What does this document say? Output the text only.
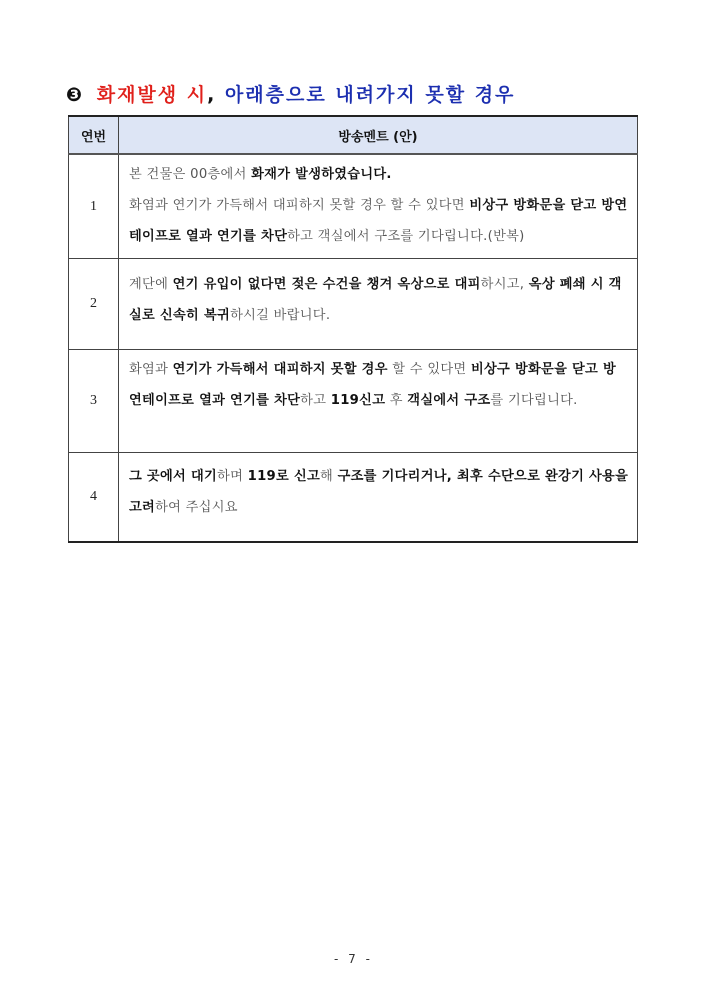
❸ 화재발생 시, 아래층으로 내려가지 못할 경우
연번	방송멘트 (안)
1	본 건물은 00층에서 화재가 발생하였습니다.
화염과 연기가 가득해서 대피하지 못할 경우 할 수 있다면 비상구 방화문을 닫고 방연테이프로 열과 연기를 차단하고 객실에서 구조를 기다립니다.(반복)
2	계단에 연기 유입이 없다면 젖은 수건을 챙겨 옥상으로 대피하시고, 옥상 폐쇄 시 객실로 신속히 복귀하시길 바랍니다.
3	화염과 연기가 가득해서 대피하지 못할 경우 할 수 있다면 비상구 방화문을 닫고 방연테이프로 열과 연기를 차단하고 119신고 후 객실에서 구조를 기다립니다.
4	그 곳에서 대기하며 119로 신고해 구조를 기다리거나, 최후 수단으로 완강기 사용을 고려하여 주십시요
- 7 -
